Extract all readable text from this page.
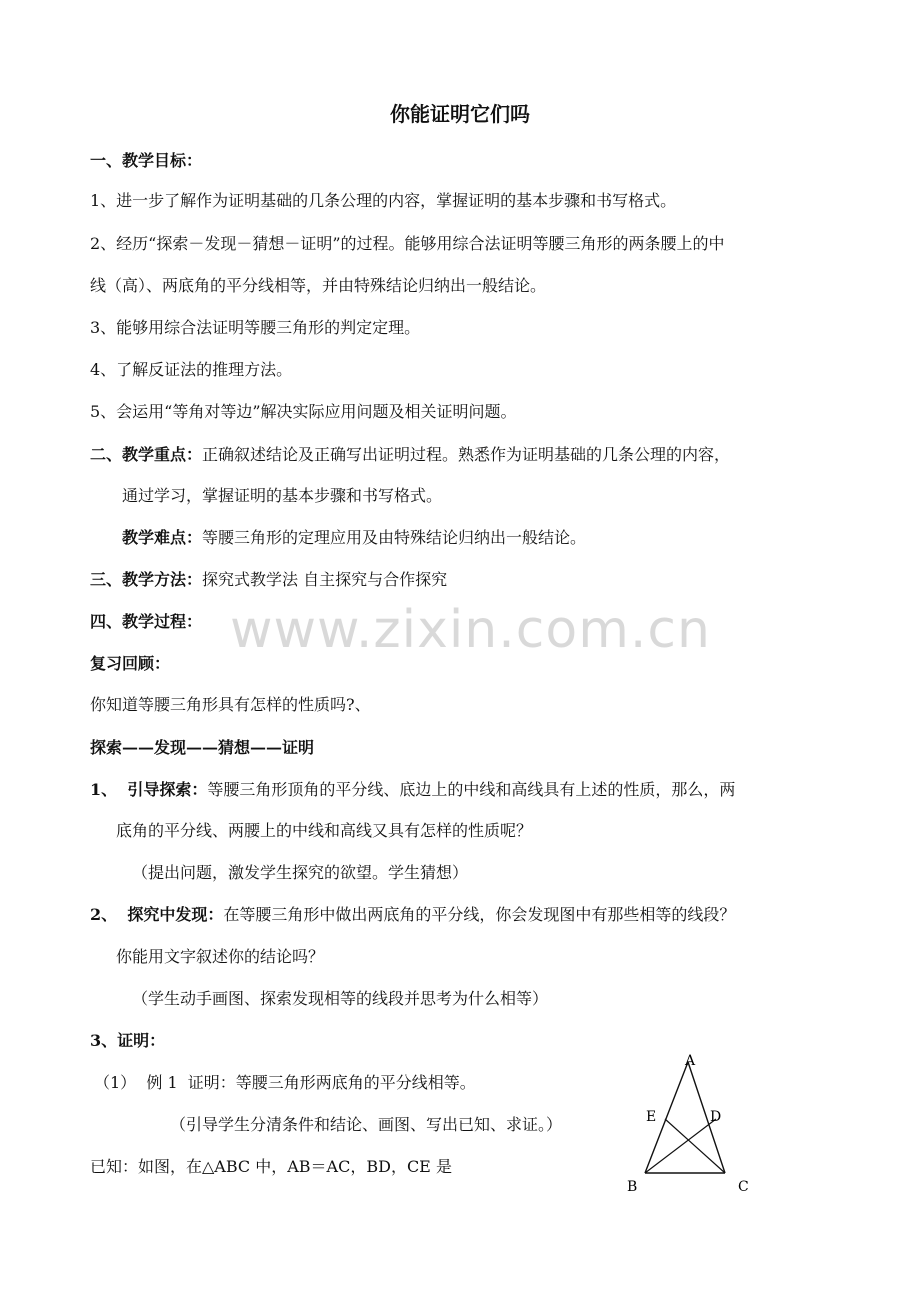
你能证明它们吗
一、教学目标：
1、进一步了解作为证明基础的几条公理的内容，掌握证明的基本步骤和书写格式。
2、经历“探索－发现－猜想－证明”的过程。能够用综合法证明等腰三角形的两条腰上的中
线（高）、两底角的平分线相等，并由特殊结论归纳出一般结论。
3、能够用综合法证明等腰三角形的判定定理。
4、了解反证法的推理方法。
5、会运用“等角对等边”解决实际应用问题及相关证明问题。
二、教学重点：正确叙述结论及正确写出证明过程。熟悉作为证明基础的几条公理的内容，
通过学习，掌握证明的基本步骤和书写格式。
教学难点：等腰三角形的定理应用及由特殊结论归纳出一般结论。
三、教学方法：探究式教学法 自主探究与合作探究
四、教学过程： www.zixin.com.cn
复习回顾：
你知道等腰三角形具有怎样的性质吗?、
探索——发现——猜想——证明
1、 引导探索：等腰三角形顶角的平分线、底边上的中线和高线具有上述的性质，那么，两
底角的平分线、两腰上的中线和高线又具有怎样的性质呢？
（提出问题，激发学生探究的欲望。学生猜想）
2、 探究中发现：在等腰三角形中做出两底角的平分线，你会发现图中有那些相等的线段？
你能用文字叙述你的结论吗？
（学生动手画图、探索发现相等的线段并思考为什么相等）
3、证明：
（1）  例 1  证明：等腰三角形两底角的平分线相等。
（引导学生分清条件和结论、画图、写出已知、求证。）
已知：如图，在△ABC 中，AB＝AC，BD，CE 是
A
E	D
B	C
